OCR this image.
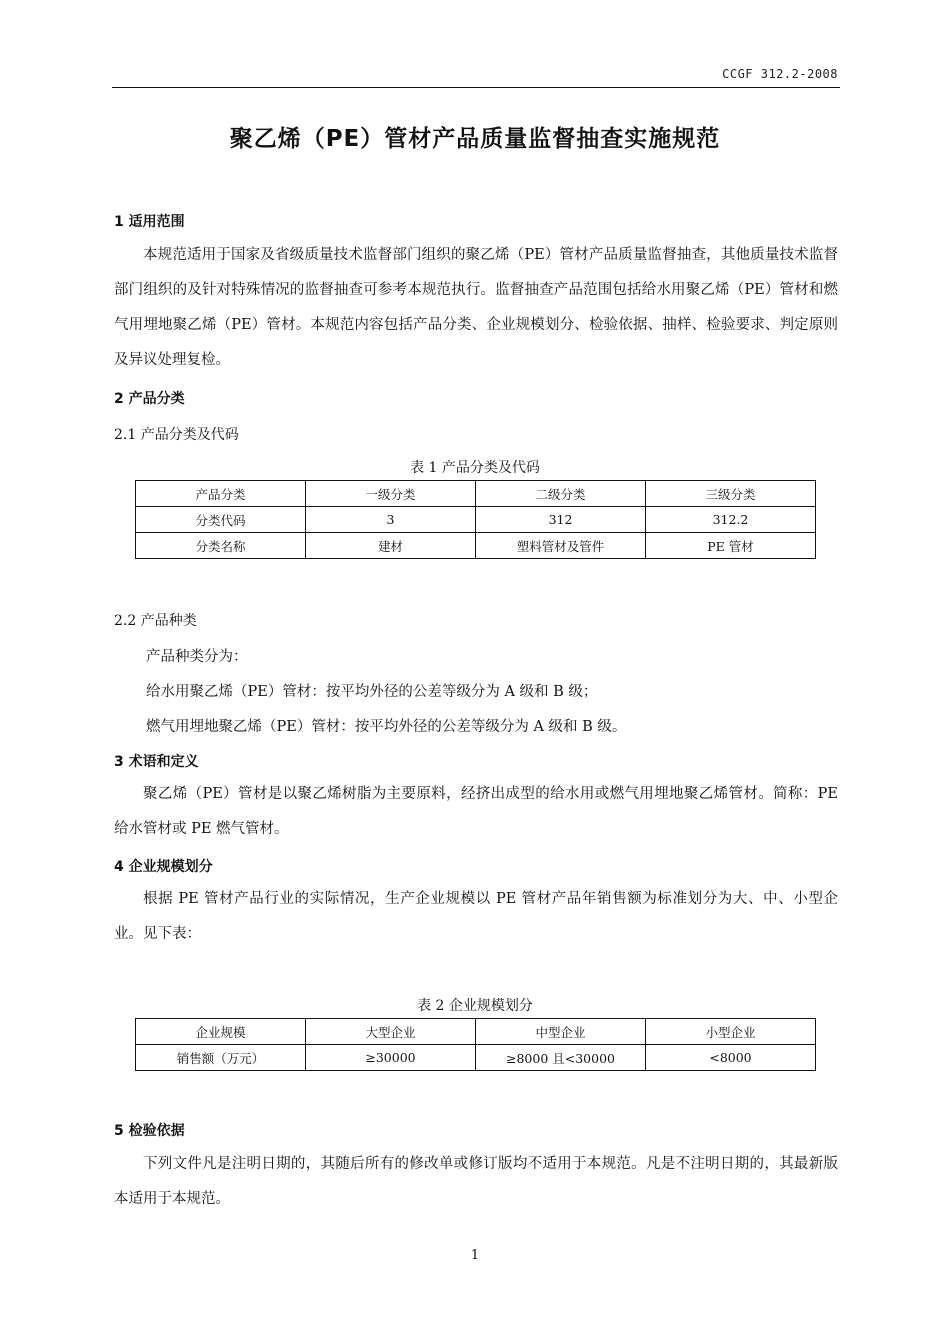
CCGF 312.2-2008
聚乙烯（PE）管材产品质量监督抽查实施规范
1 适用范围

本规范适用于国家及省级质量技术监督部门组织的聚乙烯（PE）管材产品质量监督抽查，其他质量技术监督部门组织的及针对特殊情况的监督抽查可参考本规范执行。监督抽查产品范围包括给水用聚乙烯（PE）管材和燃气用埋地聚乙烯（PE）管材。本规范内容包括产品分类、企业规模划分、检验依据、抽样、检验要求、判定原则及异议处理复检。

2 产品分类
2.1 产品分类及代码
表 1 产品分类及代码
产品分类	一级分类	二级分类	三级分类
分类代码	3	312	312.2
分类名称	建材	塑料管材及管件	PE 管材
2.2 产品种类
产品种类分为：
给水用聚乙烯（PE）管材：按平均外径的公差等级分为 A 级和 B 级；
燃气用埋地聚乙烯（PE）管材：按平均外径的公差等级分为 A 级和 B 级。
3 术语和定义

聚乙烯（PE）管材是以聚乙烯树脂为主要原料，经挤出成型的给水用或燃气用埋地聚乙烯管材。简称：PE 给水管材或 PE 燃气管材。

4 企业规模划分

根据 PE 管材产品行业的实际情况，生产企业规模以 PE 管材产品年销售额为标准划分为大、中、小型企业。见下表：

表 2 企业规模划分
企业规模	大型企业	中型企业	小型企业
销售额（万元）	≥30000	≥8000 且<30000	<8000
5 检验依据

下列文件凡是注明日期的，其随后所有的修改单或修订版均不适用于本规范。凡是不注明日期的，其最新版本适用于本规范。

1
